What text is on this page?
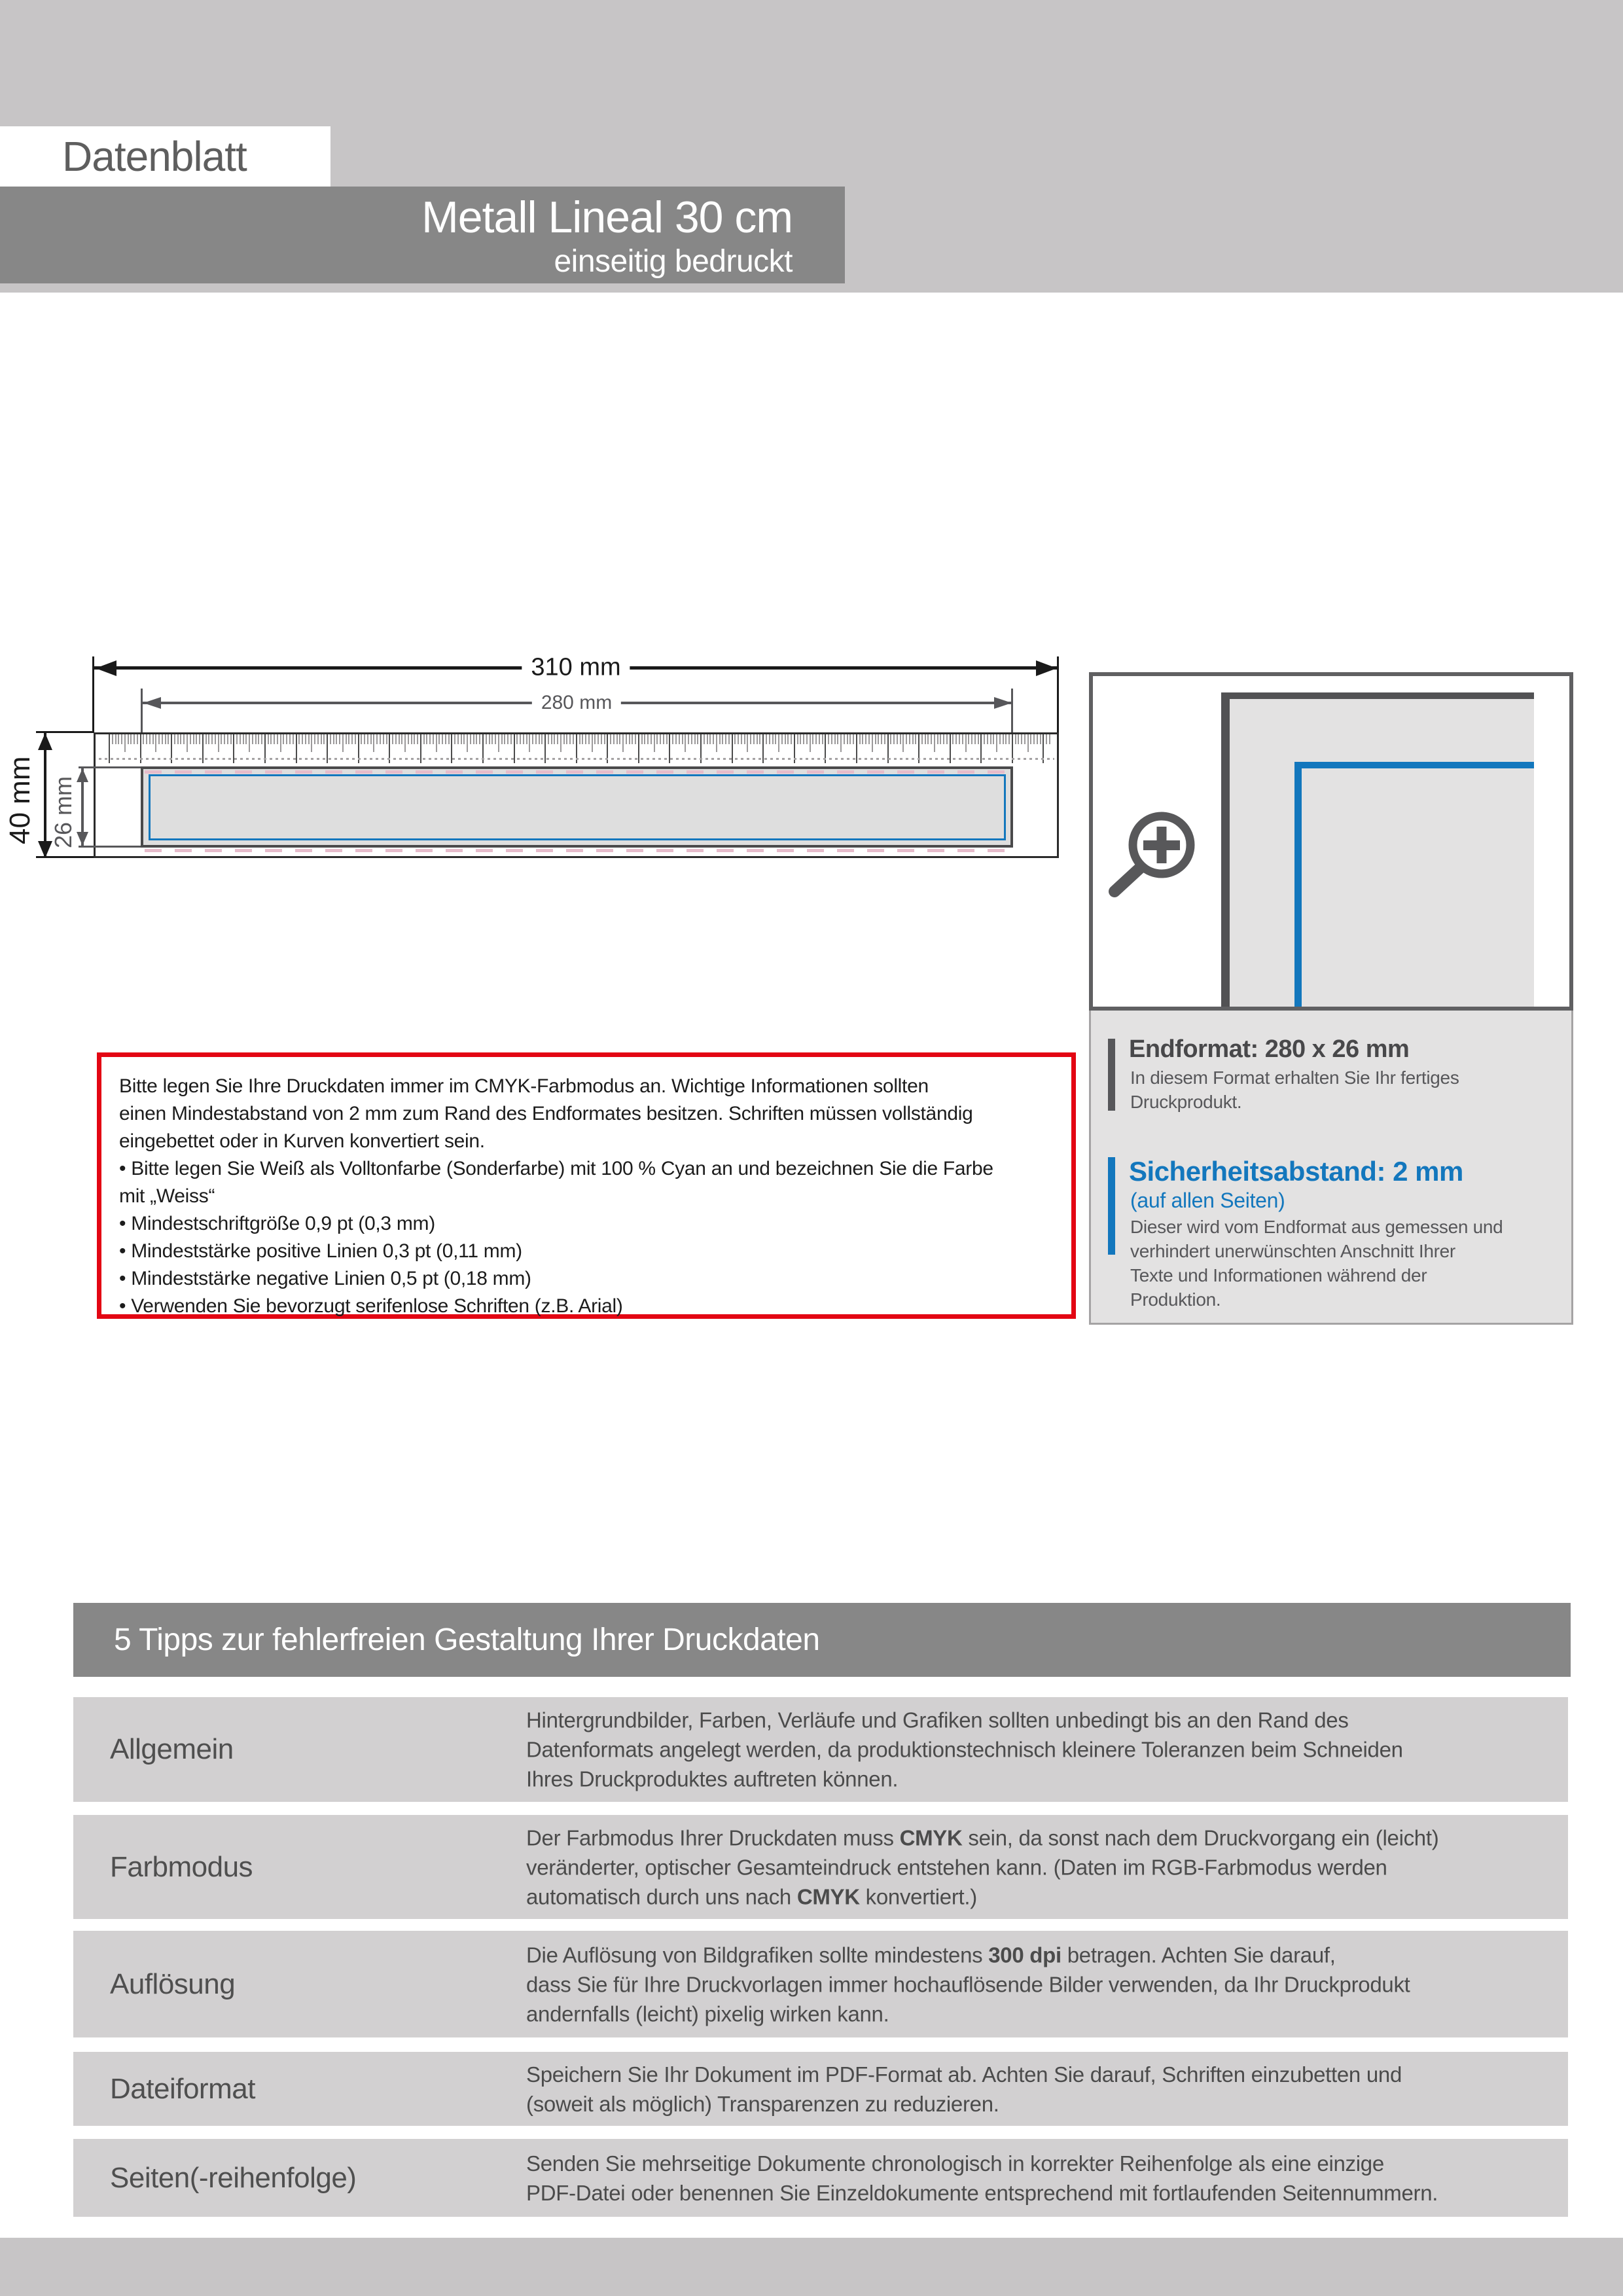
Datenblatt
Metall Lineal 30 cm
einseitig bedruckt
310 mm
280 mm
40 mm 26 mm
Endformat: 280 x 26 mm
In diesem Format erhalten Sie Ihr fertiges
Druckprodukt.
Sicherheitsabstand: 2 mm
(auf allen Seiten)
Dieser wird vom Endformat aus gemessen und
verhindert unerwünschten Anschnitt Ihrer
Texte und Informationen während der
Produktion.
Bitte legen Sie Ihre Druckdaten immer im CMYK-Farbmodus an. Wichtige Informationen sollten
einen Mindestabstand von 2 mm zum Rand des Endformates besitzen. Schriften müssen vollständig
eingebettet oder in Kurven konvertiert sein.
• Bitte legen Sie Weiß als Volltonfarbe (Sonderfarbe) mit 100 % Cyan an und bezeichnen Sie die Farbe
mit „Weiss“
• Mindestschriftgröße 0,9 pt (0,3 mm)
• Mindeststärke positive Linien 0,3 pt (0,11 mm)
• Mindeststärke negative Linien 0,5 pt (0,18 mm)
• Verwenden Sie bevorzugt serifenlose Schriften (z.B. Arial)
5 Tipps zur fehlerfreien Gestaltung Ihrer Druckdaten
Allgemein
Hintergrundbilder, Farben, Verläufe und Grafiken sollten unbedingt bis an den Rand des
Datenformats angelegt werden, da produktionstechnisch kleinere Toleranzen beim Schneiden
Ihres Druckproduktes auftreten können.
Farbmodus
Der Farbmodus Ihrer Druckdaten muss CMYK sein, da sonst nach dem Druckvorgang ein (leicht)
veränderter, optischer Gesamteindruck entstehen kann. (Daten im RGB-Farbmodus werden
automatisch durch uns nach CMYK konvertiert.)
Auflösung
Die Auflösung von Bildgrafiken sollte mindestens 300 dpi betragen. Achten Sie darauf,
dass Sie für Ihre Druckvorlagen immer hochauflösende Bilder verwenden, da Ihr Druckprodukt
andernfalls (leicht) pixelig wirken kann.
Dateiformat	Speichern Sie Ihr Dokument im PDF-Format ab. Achten Sie darauf, Schriften einzubetten und
(soweit als möglich) Transparenzen zu reduzieren.
Seiten(-reihenfolge)	Senden Sie mehrseitige Dokumente chronologisch in korrekter Reihenfolge als eine einzige
PDF-Datei oder benennen Sie Einzeldokumente entsprechend mit fortlaufenden Seitennummern.
